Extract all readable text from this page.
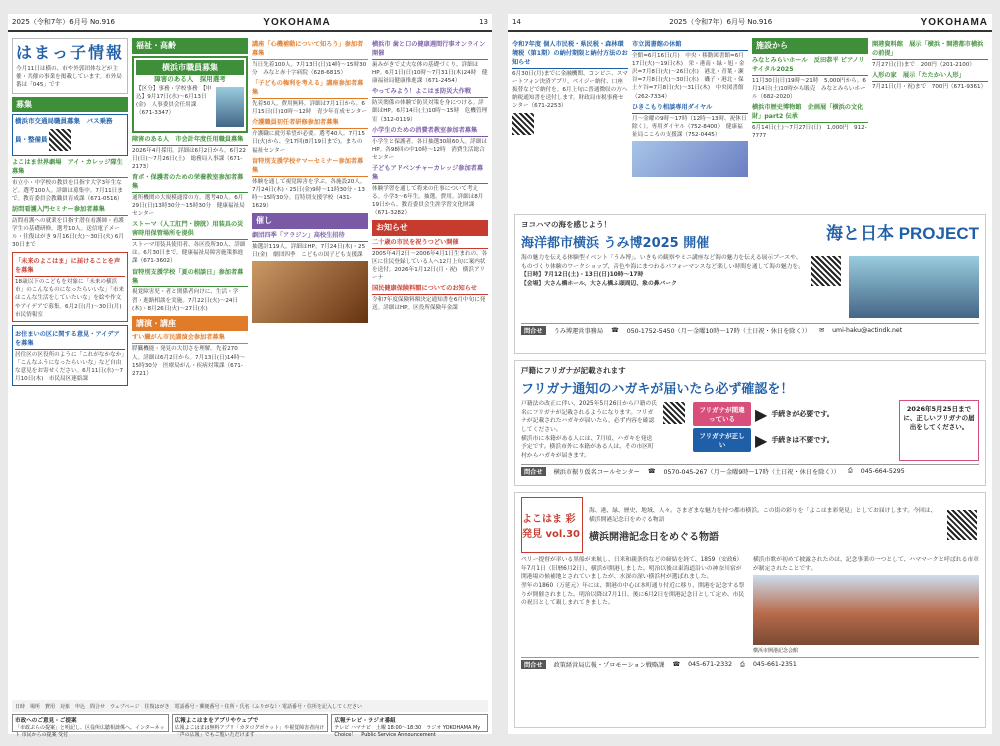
2025（令和7年）6月号 No.916	YOKOHAMA	13
はまっ子情報
今月11日は横の、市や外郭団体などが主催・共催の事業を掲載しています。市外局番は「045」です
募集
横浜市交通局職員募集　バス乗務員・整備員
よこはま世界劇場　アイ・カレッジ隊生募集
市立小・中学校の教員を目指す大学3年生など。選考100人。詳細は募集中。7月11日まで。教育委員会教職員育成課（671-0516）
訪問看護入門セミナー参加者募集
訪問看護への就業を目指す潜在看護師・看護学生の基礎研修。選考10人。送信電子メール・往復はがき 9月16日(火)〜30日(火) 6月30日まで
「未来のよこはま」に届けることを声を募集
18歳以下のこどもを対象に「未来の横浜市」のこんなものになったらいいな」「市来はこんな生活をしていたいな」を絵や作文やアイデアで募集。6月2日(月)〜30日(月)　市民情報室
お住まいの区に関する意見・アイデアを募集
居住区の区役所のように「これがなかなか」「こんなふうになったらいいな」など自由な意見をお寄せください。6月11日(水)〜7月10日(木)　市民局区連絡課
福祉・高齢
横浜市職員募集
障害のある人　採用選考
【区分】事務・学校事務　【申込】9月17日(水)〜6月13日(金)　人事委員会任用課（671-3347）
障害のある人　市会計年度任用職員募集
2026年4月採用。詳細は6月2日から。6月22日(日)〜7月26日(土)　総務局人事課（671-2173）
育ボ・保護者のための栄養教室参加者募集
通所機関の大規模通常の方。選考40人。6月29日(日)13時30分〜15時30分　健康福祉局センター
ストーマ（人工肛門・膀胱）用装具の災害時用保管場所を提供
ストーマ用装具使用者、各区役所30人、詳細は。6月30日まで。健康福祉局障害施策推進課（671-3602）
盲特別支援学校「夏の相談日」参加者募集
視覚障害児・者と関係者向けに、生活・学習・進路相談を実施。7月22日(火)〜24日(木)・8月26日(火)〜27日(水)
講演・講座
すい臓がん市民講演会参加者募集
膵臓機能・発見の大切さを理解。先着270人。詳細は6月2日から。7月13日(日)14時〜15時30分　医療局がん・疾病対策課（671-2721）
講座「心機補動について知ろう」参加者募集
当日先着100人。7月13日(日)14時〜15時30分　みなと赤十字病院（628-6815）
「子どもの権利を考える」講座参加者募集
先着50人。費用無料。詳細は7月1日から。6月15日(日)10時〜12時　青少年育成センター
介護職員初任者研修参加者募集
介護職に就労希望が必要。選考40人。7月15日(火)から、全17回(8月19日まで)。まちの福祉センター
盲特別支援学校サマーセミナー参加者募集
体験を通して視覚障害を学ぶ。各施設20人。7月24日(木)・25日(金)9時〜11時30分・13時〜15時30分。盲特別支援学校（431-1629）
催し
劇団四季「アラジン」高校生招待
抽選計119人。詳細はHP。7月24日(木)・25日(金)　劇団四季　こどもの国子ども支援課
横浜市 歯と口の健康週間行事オンライン開催
歯みがきで丈夫な体の基礎づくり。詳細はHP。6月1日(日)10時〜7月31日(木)24時　健康福祉局健康推進課（671-2454）
やってみよう！よこはま防災大作戦
防災関係の体験で防災対策を身につける。詳細はHP。6月14日(土)10時〜15時　危機管理室（312-0119）
小学生のための消費者教室参加者募集
小学生と保護者。各日抽選30組60人。詳細はHP。各98回の中10時〜12時　消費生活総合センター
子どもアドベンチャーカレッジ参加者募集
体験学習を通して将来の仕事について考える。小学3〜6年生。抽選。費用。詳細は8月19日から。教育委員会生涯学習文化財課（671-3282）
お知らせ
二十歳の市民を祝うつどい開催
2005年4月2日〜2006年4月1日生まれの、各区に住民登録している人へ12月上旬に案内状を送付。2026年1月12日(月・祝)　横浜アリーナ
国民健康保険料額についてのお知らせ
令和7年度保険料額決定通知書を6月中旬に発送。詳細はHP。区役所保険年金課
日時　場所　費用　対象　申込　問合せ　ウェブページ　往復はがき　電話番号・郵便番号・住所・氏名（ふりがな）・電話番号・住所を記入してください
市政へのご意見・ご提案
「市政ぷらの提案」と明記し、区役所広聴相談係へ。インターネット 市民からの提案 受付
広報よこはまをアプリやウェブで
広報よこはまは無料アプリ「カタログポケット」や視覚障害者向け「声の広報」でもご覧いただけます
広報テレビ・ラジオ番組
テレビ ハマナビ　土曜 18:00〜18:30　ラジオ YOKOHAMA My Choice！　Public Service Announcement
14	2025（令和7年）6月号 No.916	YOKOHAMA
令和7年度 個人市民税・県民税・森林環境税（第1期）の納付期限と納付方法のお知らせ
6月30日(月)までに金融機関、コンビニ、スマートフォン決済アプリ、ペイジー納付、口座振替などで納付を。6月上旬に普通徴収の方へ納税通知書を送付します。財政局市税事務センター（671-2253）
市立図書館の休館
全館=6月16日(月)　中央・移動図書館=6月17日(火)〜19日(木)　栄・港南・緑・旭・金沢=7月8日(火)〜26日(水)　港北・青葉・瀬谷=7月8日(火)〜30日(水)　磯子・港北・保土ケ谷=7月8日(火)〜31日(木)　中央図書館（262-7334）
ひきこもり相談専用ダイヤル
月〜金曜の9時〜17時（12時〜13時、祝休日除く）。専用ダイヤル（752-8400）　健康福祉局こころの支援課（752-0445）
施設から
みなとみらいホール　反田恭平 ピアノリサイタル2025
11月30日(日)19時〜21時　5,000円から。6月14日(土)10時から販売　みなとみらいホール（682-2020）
横浜市歴史博物館　企画展「横浜の文化財」part2 伝承
6月14日(土)〜7月27日(日)　1,000円　912-7777
開港資料館　展示「横浜・開港都市横浜の前提」
7月27日(日)まで　200円（201-2100）
人形の家　展示「たたかい人形」
7月21日(月・祝)まで　700円（671-9361）
ヨコハマの海を感じよう！
海洋都市横浜 うみ博2025 開催
海と日本 PROJECT
海の魅力を伝える体験型イベント「うみ博」。いきもの観察やミニ講座など海の魅力を伝える展示ブースや、ものづくり体験のワークショップ、音色や海にまつわるパフォーマンスなど楽しい時間を通して海の魅力を。
【日時】7月12日(土)・13日(日)10時〜17時
【会場】大さん橋ホール、大さん橋ふ頭周辺、象の鼻パーク
問合せ	うみ博運営事務局 ☎ 050-1752-5450（月〜金曜10時〜17時（土日祝・休日を除く）） ✉ umi-haku@actindk.net
戸籍にフリガナが記載されます
フリガナ通知のハガキが届いたら必ず確認を！
戸籍法の改正に伴い、2025年5月26日から戸籍の氏名にフリガナが記載されるようになります。フリガナが記載されたハガキが届いたら、必ず内容を確認してください。
横浜市に本籍がある人には、7月頃、ハガキを発送予定です。横浜市外に本籍がある人は、その市区町村からハガキが届きます。
フリガナが間違っている	▶ 手続きが必要です。
フリガナが正しい	▶ 手続きは不要です。
2026年5月25日までに、正しいフリガナの届出をしてください。
問合せ	横浜市振り仮名コールセンター ☎ 0570-045-267（月〜金曜9時〜17時（土日祝・休日を除く）） ⎙ 045-664-5295
よこはま 彩発見 vol.30
海、港、緑、歴史、地域、人々。さまざまな魅力を持つ都市横浜。この街の彩りを「よこはま彩発見」としてお届けします。今回は、横浜開港記念日をめぐる物語
横浜開港記念日をめぐる物語
ペリー提督が率いる黒船が来航し、日米和親条約などの締結を経て、1859（安政6）年7月1日（旧暦6月2日）、横浜が開港しました。明治以後は東海道沿いの神奈川宿が開港場の候補地とされていましたが、水深の深い横浜村が選ばれました。
翌年の1860（万延元）年には、開港の中心は本町通り付近に移り、開港を記念する祭りが開催されました。明治以降は7月1日、後に6月2日を開港記念日として定め、市民の祝日として親しまれてきました。
横浜市歌が初めて披露されたのは、記念事業の一つとして、ハママークと呼ばれる市章が制定されたことです。
横浜市開港記念会館
問合せ	政策経営局広報・プロモーション戦略課 ☎ 045-671-2332 ⎙ 045-661-2351
